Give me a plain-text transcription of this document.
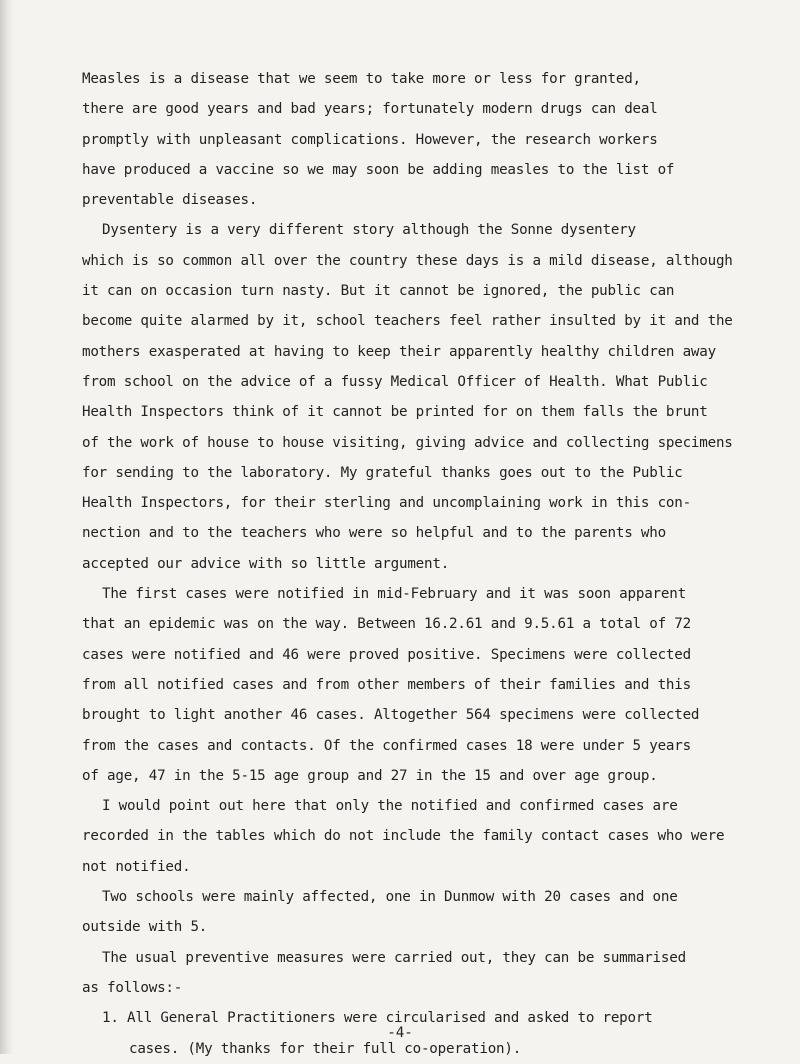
Measles is a disease that we seem to take more or less for granted,
there are good years and bad years; fortunately modern drugs can deal
promptly with unpleasant complications. However, the research workers
have produced a vaccine so we may soon be adding measles to the list of
preventable diseases.
Dysentery is a very different story although the Sonne dysentery
which is so common all over the country these days is a mild disease, although
it can on occasion turn nasty. But it cannot be ignored, the public can
become quite alarmed by it, school teachers feel rather insulted by it and the
mothers exasperated at having to keep their apparently healthy children away
from school on the advice of a fussy Medical Officer of Health. What Public
Health Inspectors think of it cannot be printed for on them falls the brunt
of the work of house to house visiting, giving advice and collecting specimens
for sending to the laboratory. My grateful thanks goes out to the Public
Health Inspectors, for their sterling and uncomplaining work in this con-
nection and to the teachers who were so helpful and to the parents who
accepted our advice with so little argument.
The first cases were notified in mid-February and it was soon apparent
that an epidemic was on the way. Between 16.2.61 and 9.5.61 a total of 72
cases were notified and 46 were proved positive. Specimens were collected
from all notified cases and from other members of their families and this
brought to light another 46 cases. Altogether 564 specimens were collected
from the cases and contacts. Of the confirmed cases 18 were under 5 years
of age, 47 in the 5-15 age group and 27 in the 15 and over age group.
I would point out here that only the notified and confirmed cases are
recorded in the tables which do not include the family contact cases who were
not notified.
Two schools were mainly affected, one in Dunmow with 20 cases and one
outside with 5.
The usual preventive measures were carried out, they can be summarised
as follows:-
1. All General Practitioners were circularised and asked to report
cases. (My thanks for their full co-operation).
-4-
